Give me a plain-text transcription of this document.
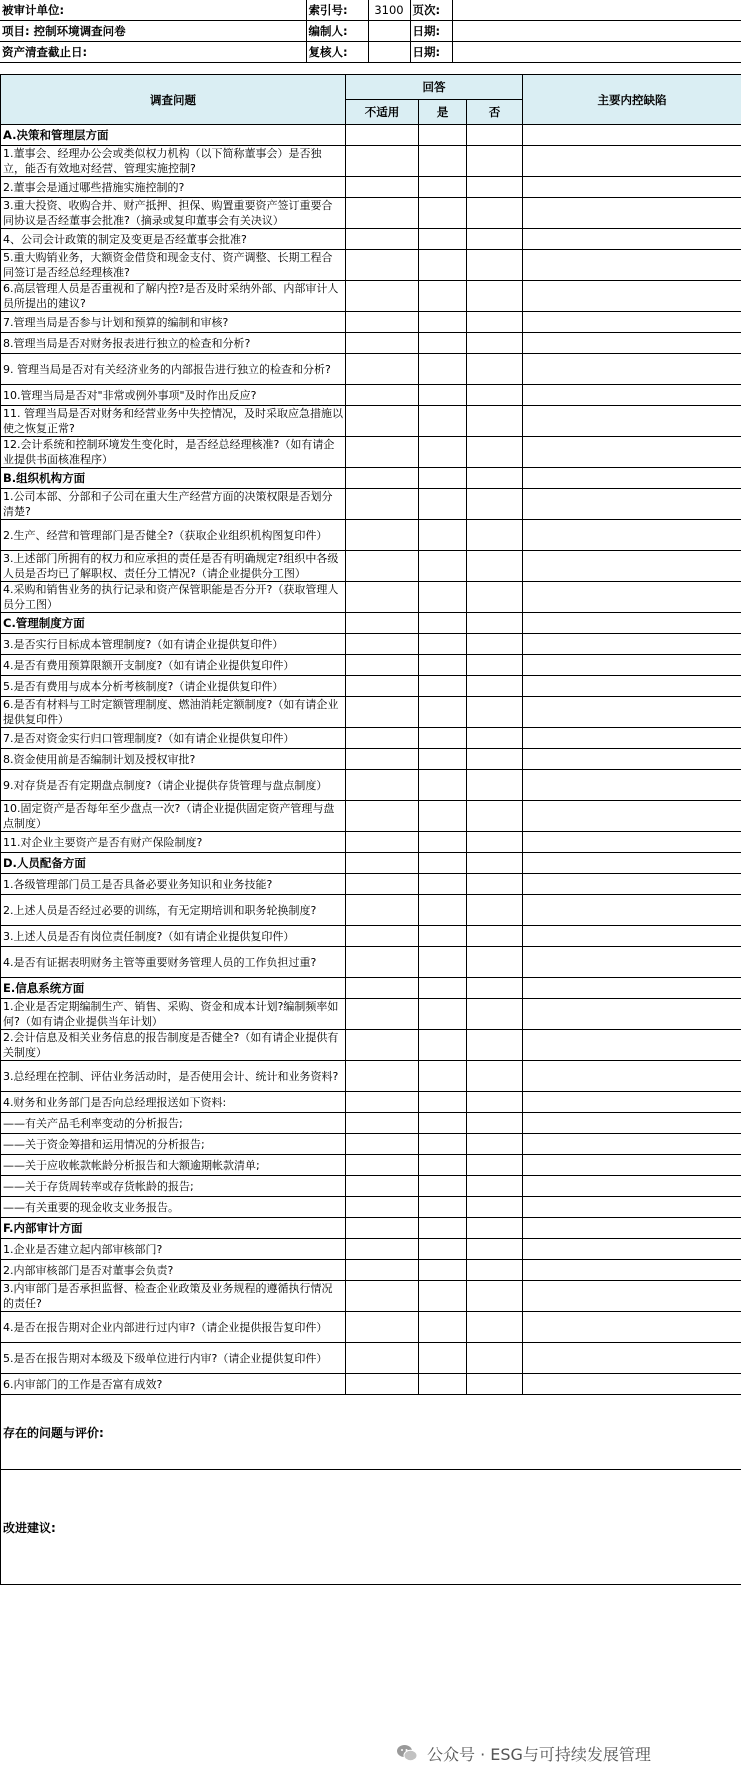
被审计单位:	索引号:	3100	页次:		
项目: 控制环境调查问卷	编制人:		日期:		
资产清查截止日:	复核人:		日期:		
调查问题	回答			主要内控缺陷
	不适用	是	否	
A.决策和管理层方面				
1.董事会、经理办公会或类似权力机构（以下简称董事会）是否独立，能否有效地对经营、管理实施控制?				
2.董事会是通过哪些措施实施控制的?				
3.重大投资、收购合并、财产抵押、担保、购置重要资产签订重要合同协议是否经董事会批准?（摘录或复印董事会有关决议）				
4、公司会计政策的制定及变更是否经董事会批准?				
5.重大购销业务，大额资金借贷和现金支付、资产调整、长期工程合同签订是否经总经理核准?				
6.高层管理人员是否重视和了解内控?是否及时采纳外部、内部审计人员所提出的建议?				
7.管理当局是否参与计划和预算的编制和审核?				
8.管理当局是否对财务报表进行独立的检查和分析?				
9. 管理当局是否对有关经济业务的内部报告进行独立的检查和分析?				
10.管理当局是否对"非常或例外事项"及时作出反应?				
11. 管理当局是否对财务和经营业务中失控情况，及时采取应急措施以使之恢复正常?				
12.会计系统和控制环境发生变化时，是否经总经理核准?（如有请企业提供书面核准程序）				
B.组织机构方面				
1.公司本部、分部和子公司在重大生产经营方面的决策权限是否划分清楚?				
2.生产、经营和管理部门是否健全?（获取企业组织机构图复印件）				
3.上述部门所拥有的权力和应承担的责任是否有明确规定?组织中各级人员是否均已了解职权、责任分工情况?（请企业提供分工图）				
4.采购和销售业务的执行记录和资产保管职能是否分开?（获取管理人员分工图）				
C.管理制度方面				
3.是否实行目标成本管理制度?（如有请企业提供复印件）				
4.是否有费用预算限额开支制度?（如有请企业提供复印件）				
5.是否有费用与成本分析考核制度?（请企业提供复印件）				
6.是否有材料与工时定额管理制度、燃油消耗定额制度?（如有请企业提供复印件）				
7.是否对资金实行归口管理制度?（如有请企业提供复印件）				
8.资金使用前是否编制计划及授权审批?				
9.对存货是否有定期盘点制度?（请企业提供存货管理与盘点制度）				
10.固定资产是否每年至少盘点一次?（请企业提供固定资产管理与盘点制度）				
11.对企业主要资产是否有财产保险制度?				
D.人员配备方面				
1.各级管理部门员工是否具备必要业务知识和业务技能?				
2.上述人员是否经过必要的训练，有无定期培训和职务轮换制度?				
3.上述人员是否有岗位责任制度?（如有请企业提供复印件）				
4.是否有证据表明财务主管等重要财务管理人员的工作负担过重?				
E.信息系统方面				
1.企业是否定期编制生产、销售、采购、资金和成本计划?编制频率如何?（如有请企业提供当年计划）				
2.会计信息及相关业务信息的报告制度是否健全?（如有请企业提供有关制度）				
3.总经理在控制、评估业务活动时，是否使用会计、统计和业务资料?				
4.财务和业务部门是否向总经理报送如下资料:				
——有关产品毛利率变动的分析报告;				
——关于资金筹措和运用情况的分析报告;				
——关于应收帐款帐龄分析报告和大额逾期帐款清单;				
——关于存货周转率或存货帐龄的报告;				
——有关重要的现金收支业务报告。				
F.内部审计方面				
1.企业是否建立起内部审核部门?				
2.内部审核部门是否对董事会负责?				
3.内审部门是否承担监督、检查企业政策及业务规程的遵循执行情况的责任?				
4.是否在报告期对企业内部进行过内审?（请企业提供报告复印件）				
5.是否在报告期对本级及下级单位进行内审?（请企业提供复印件）				
6.内审部门的工作是否富有成效?				
存在的问题与评价:				
改进建议:				
公众号 · ESG与可持续发展管理
